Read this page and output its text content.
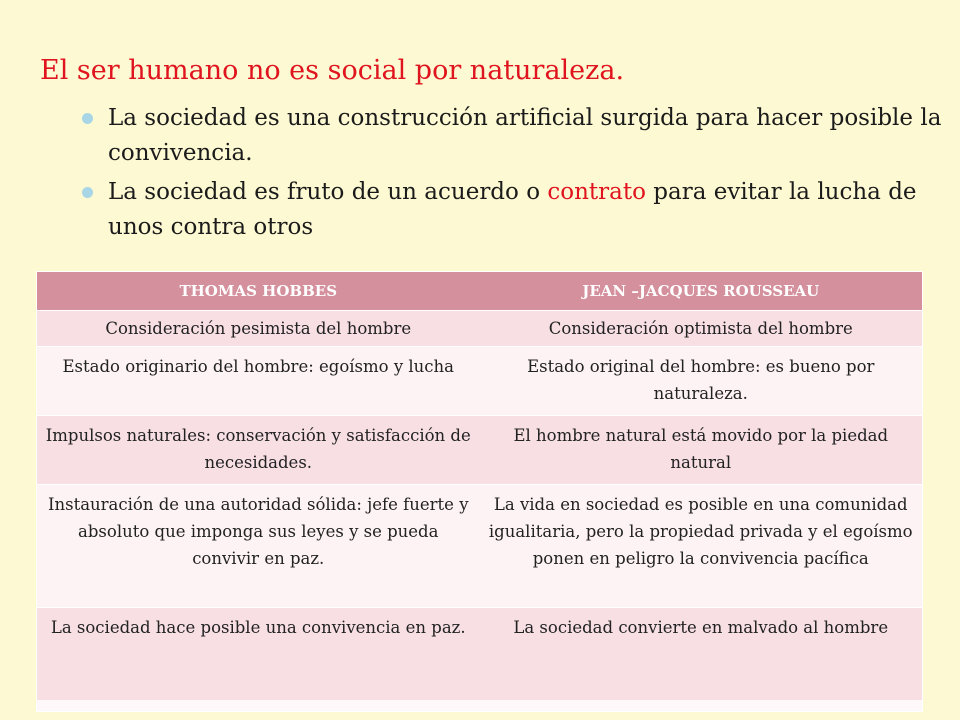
El ser humano no es social por naturaleza.
La sociedad es una construcción artificial surgida para hacer posible la convivencia.
La sociedad es fruto de un acuerdo o contrato para evitar la lucha de unos contra otros
THOMAS HOBBES	JEAN –JACQUES ROUSSEAU
Consideración pesimista del hombre	Consideración optimista del hombre
Estado originario del hombre: egoísmo y lucha	Estado original del hombre: es bueno por naturaleza.
Impulsos naturales: conservación y satisfacción de necesidades.	El hombre natural está movido por la piedad natural
Instauración de una autoridad sólida: jefe fuerte y absoluto que imponga sus leyes y se pueda convivir en paz.	La vida en sociedad es posible en una comunidad igualitaria, pero la propiedad privada y el egoísmo ponen en peligro la convivencia pacífica
La sociedad hace posible una convivencia en paz.	La sociedad convierte en malvado al hombre
